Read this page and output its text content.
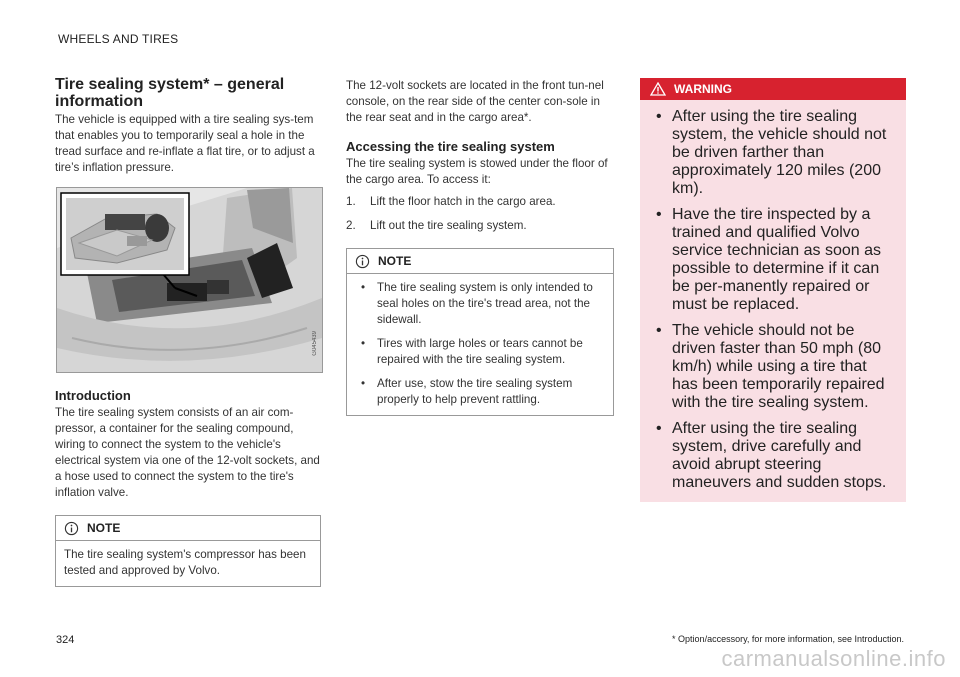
WHEELS AND TIRES
Tire sealing system* – general information

The vehicle is equipped with a tire sealing sys-tem that enables you to temporarily seal a hole in the tread surface and re-inflate a flat tire, or to adjust a tire’s inflation pressure.

G045439
Introduction

The tire sealing system consists of an air com-pressor, a container for the sealing compound, wiring to connect the system to the vehicle's electrical system via one of the 12-volt sockets, and a hose used to connect the system to the tire's inflation valve.

NOTE

The tire sealing system's compressor has been tested and approved by Volvo.

The 12-volt sockets are located in the front tun-nel console, on the rear side of the center con-sole in the rear seat and in the cargo area*.

Accessing the tire sealing system

The tire sealing system is stowed under the floor of the cargo area. To access it:

1.	Lift the floor hatch in the cargo area.
2.	Lift out the tire sealing system.
NOTE
• The tire sealing system is only intended to seal holes on the tire's tread area, not the sidewall.
• Tires with large holes or tears cannot be repaired with the tire sealing system.
• After use, stow the tire sealing system properly to help prevent rattling.
WARNING
• After using the tire sealing system, the vehicle should not be driven farther than approximately 120 miles (200 km).
• Have the tire inspected by a trained and qualified Volvo service technician as soon as possible to determine if it can be per-manently repaired or must be replaced.
• The vehicle should not be driven faster than 50 mph (80 km/h) while using a tire that has been temporarily repaired with the tire sealing system.
• After using the tire sealing system, drive carefully and avoid abrupt steering maneuvers and sudden stops.
324	* Option/accessory, for more information, see Introduction.
carmanualsonline.info
